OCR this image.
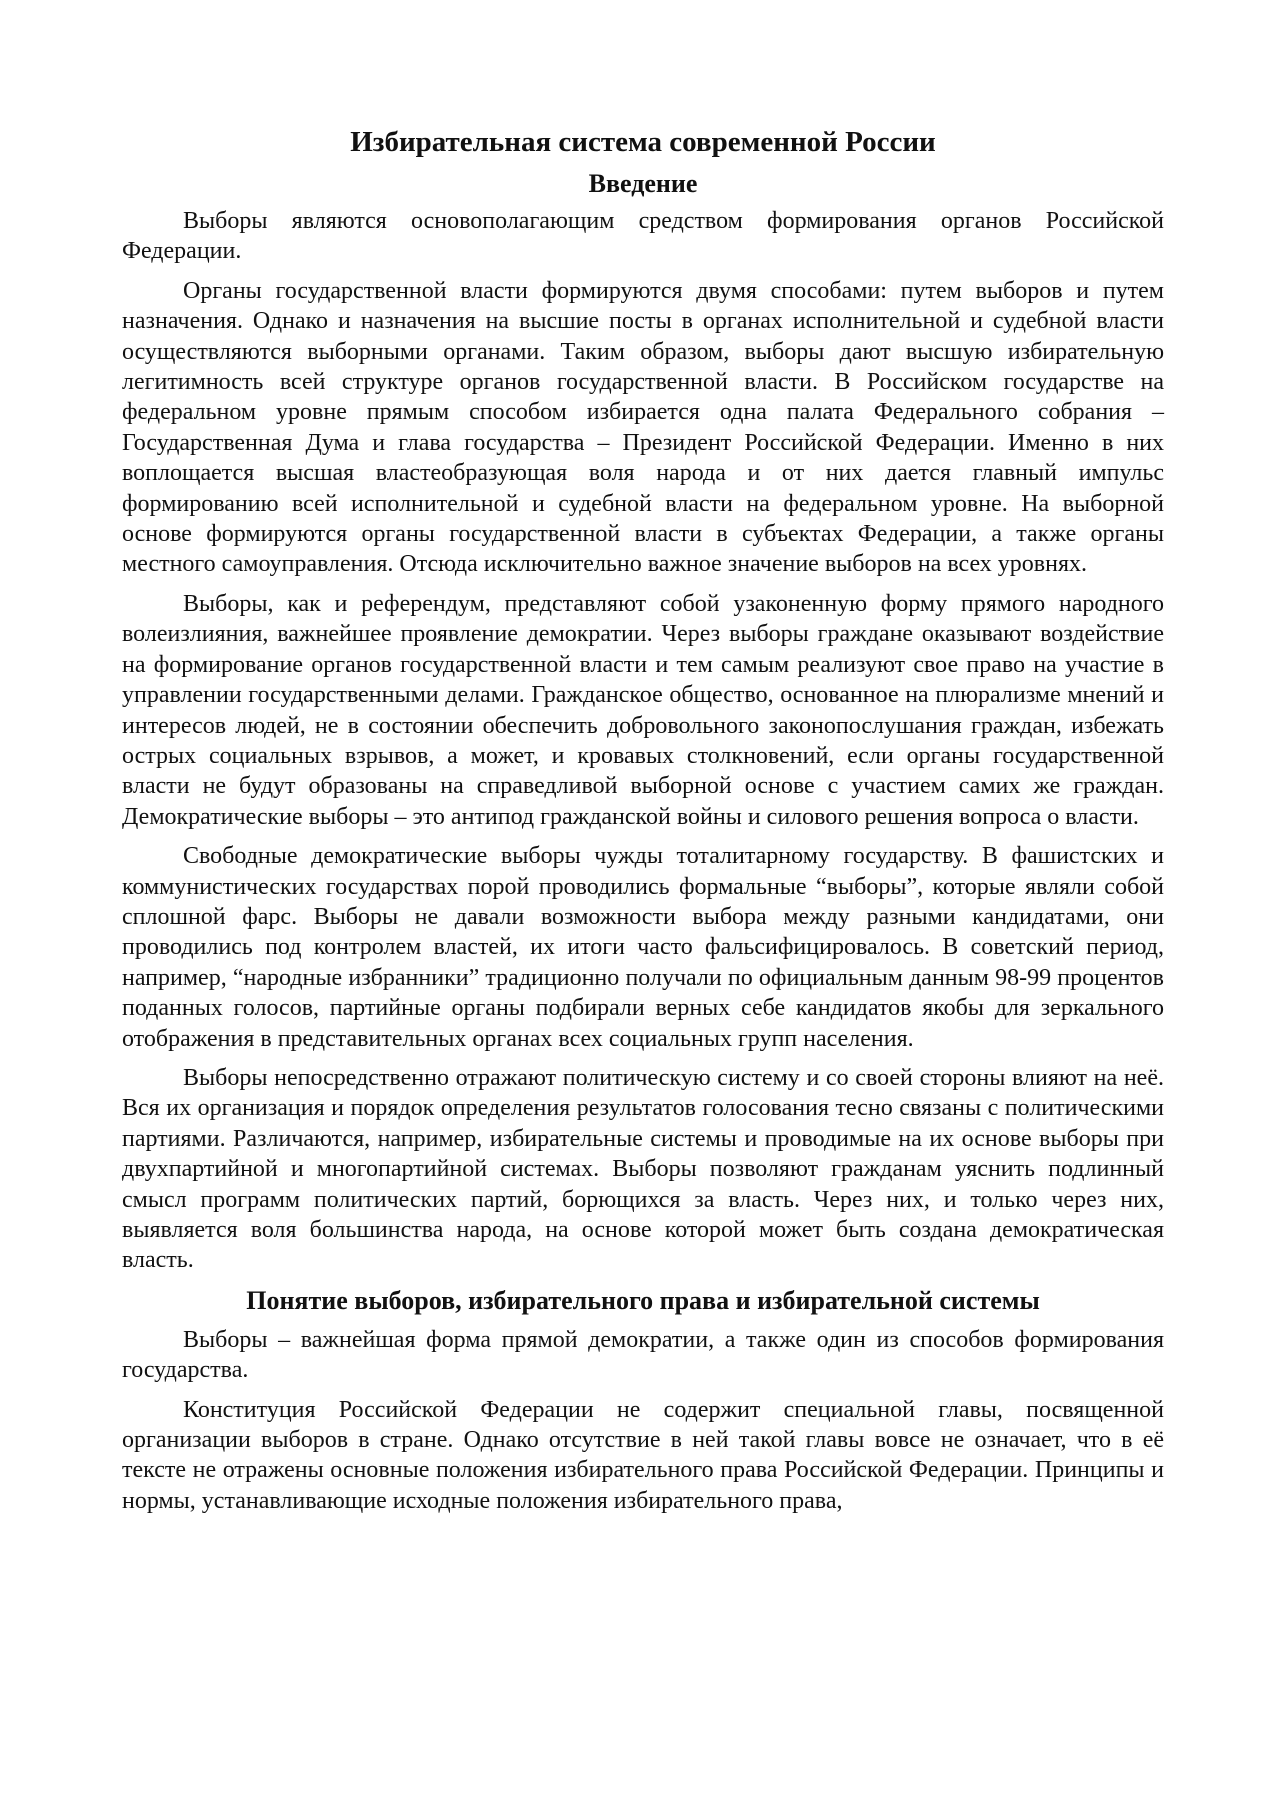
Избирательная система современной России
Введение

Выборы являются основополагающим средством формирования органов Российской Федерации.

Органы государственной власти формируются двумя способами: путем выборов и путем назначения. Однако и назначения на высшие посты в органах исполнительной и судебной власти осуществляются выборными органами. Таким образом, выборы дают высшую избирательную легитимность всей структуре органов государственной власти. В Российском государстве на федеральном уровне прямым способом избирается одна палата Федерального собрания – Государственная Дума и глава государства – Президент Российской Федерации. Именно в них воплощается высшая властеобразующая воля народа и от них дается главный импульс формированию всей исполнительной и судебной власти на федеральном уровне. На выборной основе формируются органы государственной власти в субъектах Федерации, а также органы местного самоуправления. Отсюда исключительно важное значение выборов на всех уровнях.

Выборы, как и референдум, представляют собой узаконенную форму прямого народного волеизлияния, важнейшее проявление демократии. Через выборы граждане оказывают воздействие на формирование органов государственной власти и тем самым реализуют свое право на участие в управлении государственными делами. Гражданское общество, основанное на плюрализме мнений и интересов людей, не в состоянии обеспечить добровольного законопослушания граждан, избежать острых социальных взрывов, а может, и кровавых столкновений, если органы государственной власти не будут образованы на справедливой выборной основе с участием самих же граждан. Демократические выборы – это антипод гражданской войны и силового решения вопроса о власти.

Свободные демократические выборы чужды тоталитарному государству. В фашистских и коммунистических государствах порой проводились формальные “выборы”, которые являли собой сплошной фарс. Выборы не давали возможности выбора между разными кандидатами, они проводились под контролем властей, их итоги часто фальсифицировалось. В советский период, например, “народные избранники” традиционно получали по официальным данным 98-99 процентов поданных голосов, партийные органы подбирали верных себе кандидатов якобы для зеркального отображения в представительных органах всех социальных групп населения.

Выборы непосредственно отражают политическую систему и со своей стороны влияют на неё. Вся их организация и порядок определения результатов голосования тесно связаны с политическими партиями. Различаются, например, избирательные системы и проводимые на их основе выборы при двухпартийной и многопартийной системах. Выборы позволяют гражданам уяснить подлинный смысл программ политических партий, борющихся за власть. Через них, и только через них, выявляется воля большинства народа, на основе которой может быть создана демократическая власть.

Понятие выборов, избирательного права и избирательной системы

Выборы – важнейшая форма прямой демократии, а также один из способов формирования государства.

Конституция Российской Федерации не содержит специальной главы, посвященной организации выборов в стране. Однако отсутствие в ней такой главы вовсе не означает, что в её тексте не отражены основные положения избирательного права Российской Федерации. Принципы и нормы, устанавливающие исходные положения избирательного права,
